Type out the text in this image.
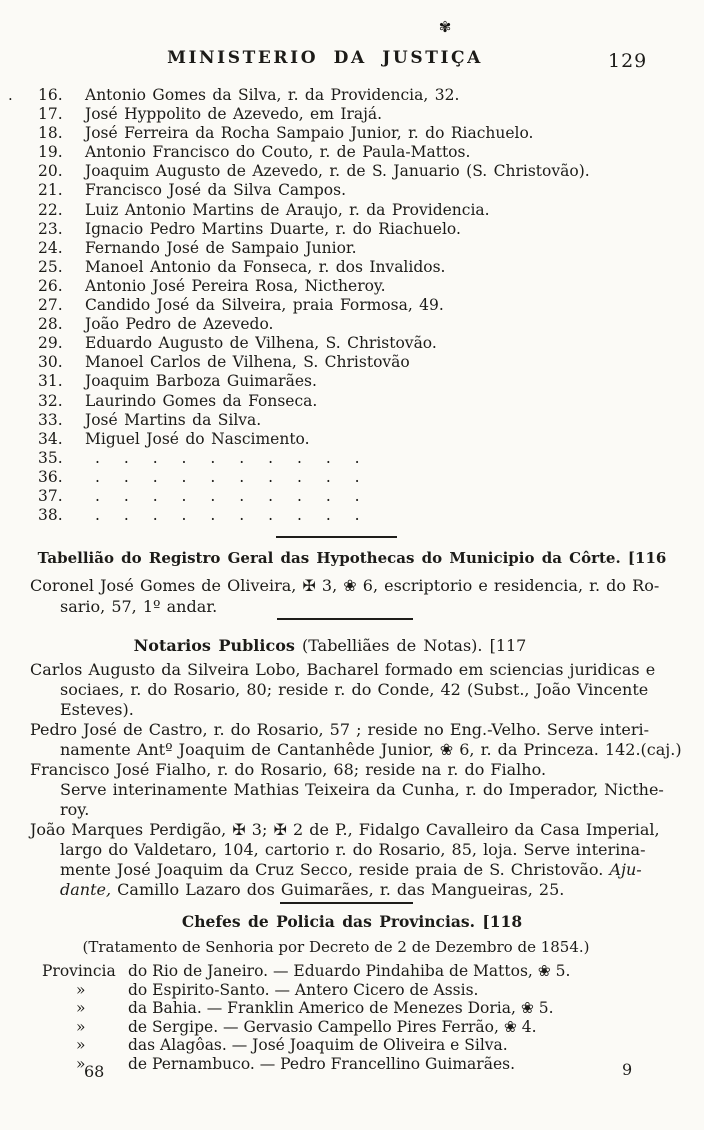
✾
MINISTERIO DA JUSTIÇA	129
. 16.	Antonio Gomes da Silva, r. da Providencia, 32.
17.	José Hyppolito de Azevedo, em Irajá.
18.	José Ferreira da Rocha Sampaio Junior, r. do Riachuelo.
19.	Antonio Francisco do Couto, r. de Paula-Mattos.
20.	Joaquim Augusto de Azevedo, r. de S. Januario (S. Christovão).
21.	Francisco José da Silva Campos.
22.	Luiz Antonio Martins de Araujo, r. da Providencia.
23.	Ignacio Pedro Martins Duarte, r. do Riachuelo.
24.	Fernando José de Sampaio Junior.
25.	Manoel Antonio da Fonseca, r. dos Invalidos.
26.	Antonio José Pereira Rosa, Nictheroy.
27.	Candido José da Silveira, praia Formosa, 49.
28.	João Pedro de Azevedo.
29.	Eduardo Augusto de Vilhena, S. Christovão.
30.	Manoel Carlos de Vilhena, S. Christovão
31.	Joaquim Barboza Guimarães.
32.	Laurindo Gomes da Fonseca.
33.	José Martins da Silva.
34.	Miguel José do Nascimento.
35.	. . . . . . . . . .
36.	. . . . . . . . . .
37.	. . . . . . . . . .
38.	. . . . . . . . . .
Tabellião do Registro Geral das Hypothecas do Municipio da Côrte. [116
Coronel José Gomes de Oliveira, ✠ 3, ❀ 6, escriptorio e residencia, r. do Ro-
sario, 57, 1º andar.
Notarios Publicos (Tabelliães de Notas). [117
Carlos Augusto da Silveira Lobo, Bacharel formado em sciencias juridicas e
sociaes, r. do Rosario, 80; reside r. do Conde, 42 (Subst., João Vincente
Esteves).
Pedro José de Castro, r. do Rosario, 57 ; reside no Eng.-Velho. Serve interi-
namente Antº Joaquim de Cantanhêde Junior, ❀ 6, r. da Princeza. 142.(caj.)
Francisco José Fialho, r. do Rosario, 68; reside na r. do Fialho.
Serve interinamente Mathias Teixeira da Cunha, r. do Imperador, Nicthe-
roy.
João Marques Perdigão, ✠ 3; ✠ 2 de P., Fidalgo Cavalleiro da Casa Imperial,
largo do Valdetaro, 104, cartorio r. do Rosario, 85, loja. Serve interina-
mente José Joaquim da Cruz Secco, reside praia de S. Christovão. Aju-
dante, Camillo Lazaro dos Guimarães, r. das Mangueiras, 25.
Chefes de Policia das Provincias. [118
(Tratamento de Senhoria por Decreto de 2 de Dezembro de 1854.)
Provincia do Rio de Janeiro. — Eduardo Pindahiba de Mattos, ❀ 5.
»	do Espirito-Santo. — Antero Cicero de Assis.
»	da Bahia. — Franklin Americo de Menezes Doria, ❀ 5.
»	de Sergipe. — Gervasio Campello Pires Ferrão, ❀ 4.
»	das Alagôas. — José Joaquim de Oliveira e Silva.
»	de Pernambuco. — Pedro Francellino Guimarães.
68	9
